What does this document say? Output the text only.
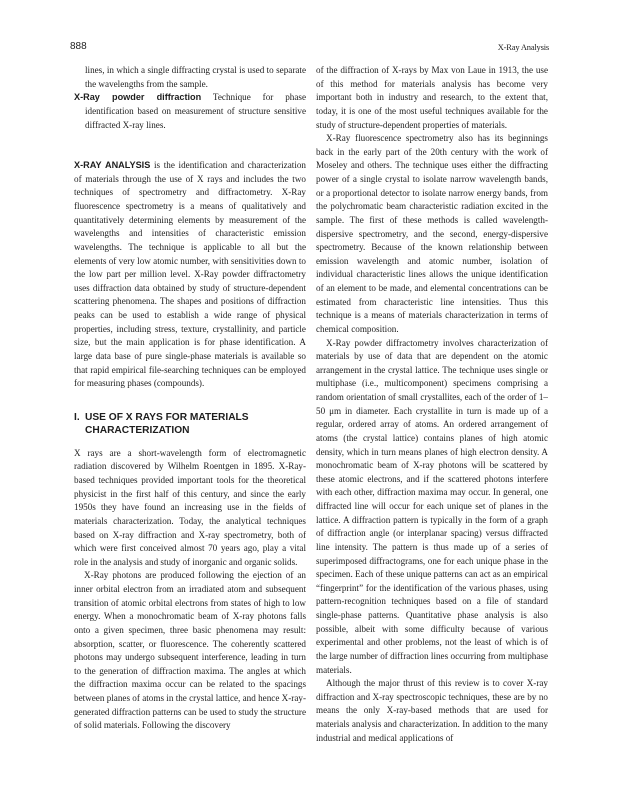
888	X-Ray Analysis

lines, in which a single diffracting crystal is used to separate the wavelengths from the sample.

X-Ray powder diffraction Technique for phase identification based on measurement of structure sensitive diffracted X-ray lines.

X-RAY ANALYSIS is the identification and characterization of materials through the use of X rays and includes the two techniques of spectrometry and diffractometry. X-Ray fluorescence spectrometry is a means of qualitatively and quantitatively determining elements by measurement of the wavelengths and intensities of characteristic emission wavelengths. The technique is applicable to all but the elements of very low atomic number, with sensitivities down to the low part per million level. X-Ray powder diffractometry uses diffraction data obtained by study of structure-dependent scattering phenomena. The shapes and positions of diffraction peaks can be used to establish a wide range of physical properties, including stress, texture, crystallinity, and particle size, but the main application is for phase identification. A large data base of pure single-phase materials is available so that rapid empirical file-searching techniques can be employed for measuring phases (compounds).

I. USE OF X RAYS FOR MATERIALS CHARACTERIZATION

X rays are a short-wavelength form of electromagnetic radiation discovered by Wilhelm Roentgen in 1895. X-Ray-based techniques provided important tools for the theoretical physicist in the first half of this century, and since the early 1950s they have found an increasing use in the fields of materials characterization. Today, the analytical techniques based on X-ray diffraction and X-ray spectrometry, both of which were first conceived almost 70 years ago, play a vital role in the analysis and study of inorganic and organic solids.

X-Ray photons are produced following the ejection of an inner orbital electron from an irradiated atom and subsequent transition of atomic orbital electrons from states of high to low energy. When a monochromatic beam of X-ray photons falls onto a given specimen, three basic phenomena may result: absorption, scatter, or fluorescence. The coherently scattered photons may undergo subsequent interference, leading in turn to the generation of diffraction maxima. The angles at which the diffraction maxima occur can be related to the spacings between planes of atoms in the crystal lattice, and hence X-ray-generated diffraction patterns can be used to study the structure of solid materials. Following the discovery

of the diffraction of X-rays by Max von Laue in 1913, the use of this method for materials analysis has become very important both in industry and research, to the extent that, today, it is one of the most useful techniques available for the study of structure-dependent properties of materials.

X-Ray fluorescence spectrometry also has its beginnings back in the early part of the 20th century with the work of Moseley and others. The technique uses either the diffracting power of a single crystal to isolate narrow wavelength bands, or a proportional detector to isolate narrow energy bands, from the polychromatic beam characteristic radiation excited in the sample. The first of these methods is called wavelength-dispersive spectrometry, and the second, energy-dispersive spectrometry. Because of the known relationship between emission wavelength and atomic number, isolation of individual characteristic lines allows the unique identification of an element to be made, and elemental concentrations can be estimated from characteristic line intensities. Thus this technique is a means of materials characterization in terms of chemical composition.

X-Ray powder diffractometry involves characterization of materials by use of data that are dependent on the atomic arrangement in the crystal lattice. The technique uses single or multiphase (i.e., multicomponent) specimens comprising a random orientation of small crystallites, each of the order of 1–50 μm in diameter. Each crystallite in turn is made up of a regular, ordered array of atoms. An ordered arrangement of atoms (the crystal lattice) contains planes of high atomic density, which in turn means planes of high electron density. A monochromatic beam of X-ray photons will be scattered by these atomic electrons, and if the scattered photons interfere with each other, diffraction maxima may occur. In general, one diffracted line will occur for each unique set of planes in the lattice. A diffraction pattern is typically in the form of a graph of diffraction angle (or interplanar spacing) versus diffracted line intensity. The pattern is thus made up of a series of superimposed diffractograms, one for each unique phase in the specimen. Each of these unique patterns can act as an empirical “fingerprint” for the identification of the various phases, using pattern-recognition techniques based on a file of standard single-phase patterns. Quantitative phase analysis is also possible, albeit with some difficulty because of various experimental and other problems, not the least of which is of the large number of diffraction lines occurring from multiphase materials.

Although the major thrust of this review is to cover X-ray diffraction and X-ray spectroscopic techniques, these are by no means the only X-ray-based methods that are used for materials analysis and characterization. In addition to the many industrial and medical applications of
